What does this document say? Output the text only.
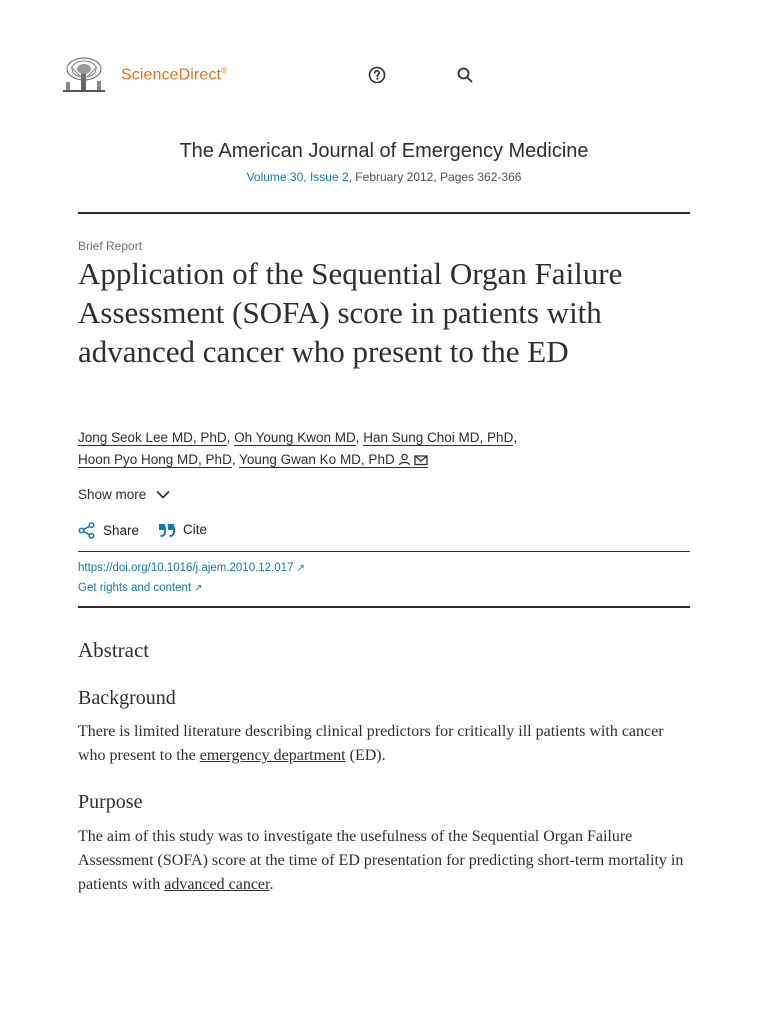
ScienceDirect®
The American Journal of Emergency Medicine
Volume 30, Issue 2, February 2012, Pages 362-366
Brief Report
Application of the Sequential Organ Failure Assessment (SOFA) score in patients with advanced cancer who present to the ED
Jong Seok Lee MD, PhD, Oh Young Kwon MD, Han Sung Choi MD, PhD,
Hoon Pyo Hong MD, PhD, Young Gwan Ko MD, PhD
Show more
Share	Cite
https://doi.org/10.1016/j.ajem.2010.12.017 ↗
Get rights and content ↗
Abstract
Background

There is limited literature describing clinical predictors for critically ill patients with cancer who present to the emergency department (ED).

Purpose

The aim of this study was to investigate the usefulness of the Sequential Organ Failure Assessment (SOFA) score at the time of ED presentation for predicting short-term mortality in patients with advanced cancer.
